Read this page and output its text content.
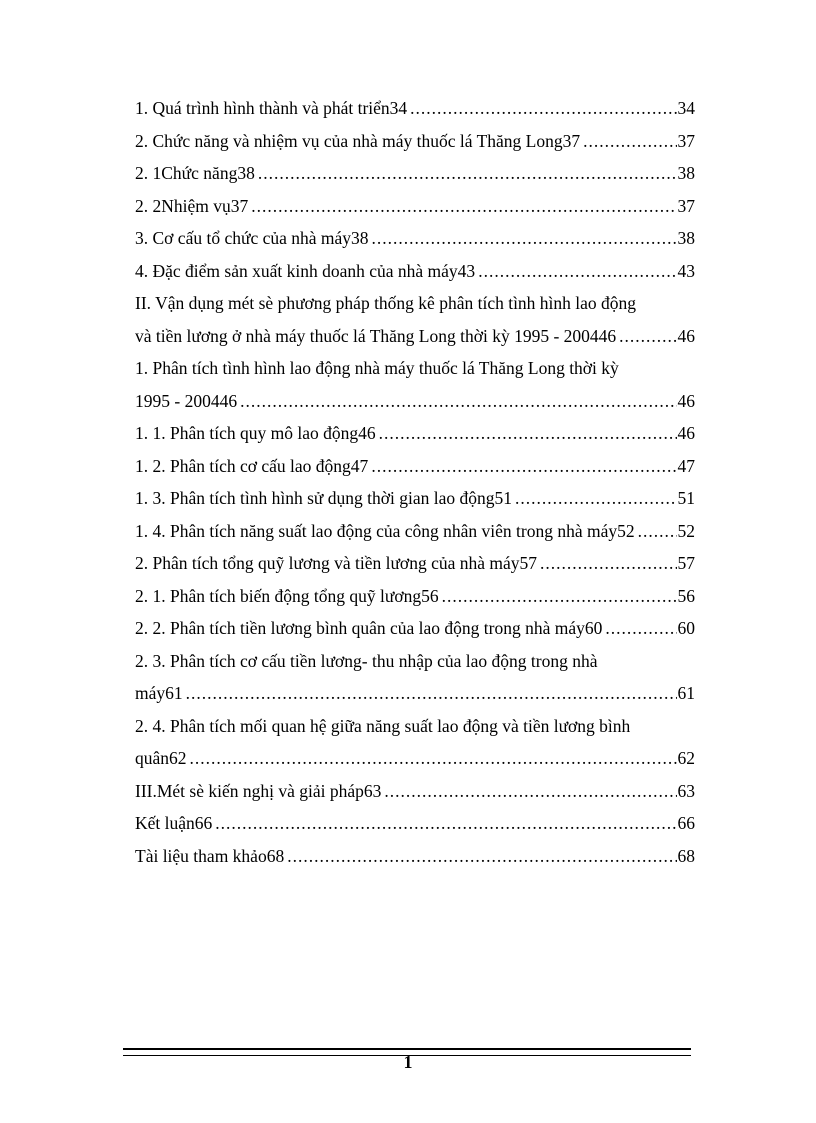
1. Quá trình hình thành và phát triển34 .....	34
2. Chức năng và nhiệm vụ của nhà máy thuốc lá Thăng Long37 .....	37
2. 1Chức năng38 .....	38
2. 2Nhiệm vụ37 .....	37
3. Cơ cấu tổ chức của nhà máy38 .....	38
4. Đặc điểm sản xuất kinh doanh của nhà máy43 .....	43
II. Vận dụng mét sè phương pháp thống kê phân tích tình hình lao động
và tiền lương ở nhà máy thuốc lá Thăng Long thời kỳ 1995 - 200446 .....	46
1. Phân tích tình hình lao động nhà máy thuốc lá Thăng Long thời kỳ
1995 - 200446 .....	46
1. 1. Phân tích quy mô lao động46 .....	46
1. 2. Phân tích cơ cấu lao động47 .....	47
1. 3. Phân tích tình hình sử dụng thời gian lao động51 .....	51
1. 4. Phân tích năng suất lao động của công nhân viên trong nhà máy52 ..... 52
2. Phân tích tổng quỹ lương và tiền lương của nhà máy57 .....	57
2. 1. Phân tích biến động tổng quỹ lương56 .....	56
2. 2. Phân tích tiền lương bình quân của lao động trong nhà máy60 .....	60
2. 3. Phân tích cơ cấu tiền lương- thu nhập của lao động trong nhà
máy61 .....	61
2. 4. Phân tích mối quan hệ giữa năng suất lao động và tiền lương bình
quân62 .....	62
III.Mét sè kiến nghị và giải pháp63 .....	63
Kết luận66 .....	66
Tài liệu tham khảo68 .....	68
1
